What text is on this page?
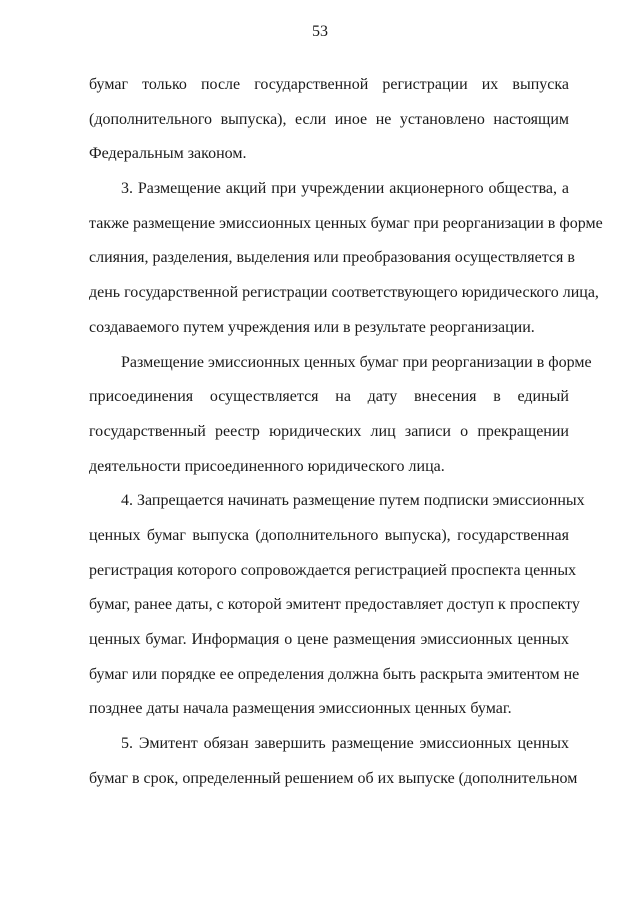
53
бумаг только после государственной регистрации их выпуска
(дополнительного выпуска), если иное не установлено настоящим
Федеральным законом.
3. Размещение акций при учреждении акционерного общества, а
также размещение эмиссионных ценных бумаг при реорганизации в форме
слияния, разделения, выделения или преобразования осуществляется в
день государственной регистрации соответствующего юридического лица,
создаваемого путем учреждения или в результате реорганизации.
Размещение эмиссионных ценных бумаг при реорганизации в форме
присоединения осуществляется на дату внесения в единый
государственный реестр юридических лиц записи о прекращении
деятельности присоединенного юридического лица.
4. Запрещается начинать размещение путем подписки эмиссионных
ценных бумаг выпуска (дополнительного выпуска), государственная
регистрация которого сопровождается регистрацией проспекта ценных
бумаг, ранее даты, с которой эмитент предоставляет доступ к проспекту
ценных бумаг. Информация о цене размещения эмиссионных ценных
бумаг или порядке ее определения должна быть раскрыта эмитентом не
позднее даты начала размещения эмиссионных ценных бумаг.
5. Эмитент обязан завершить размещение эмиссионных ценных
бумаг в срок, определенный решением об их выпуске (дополнительном
